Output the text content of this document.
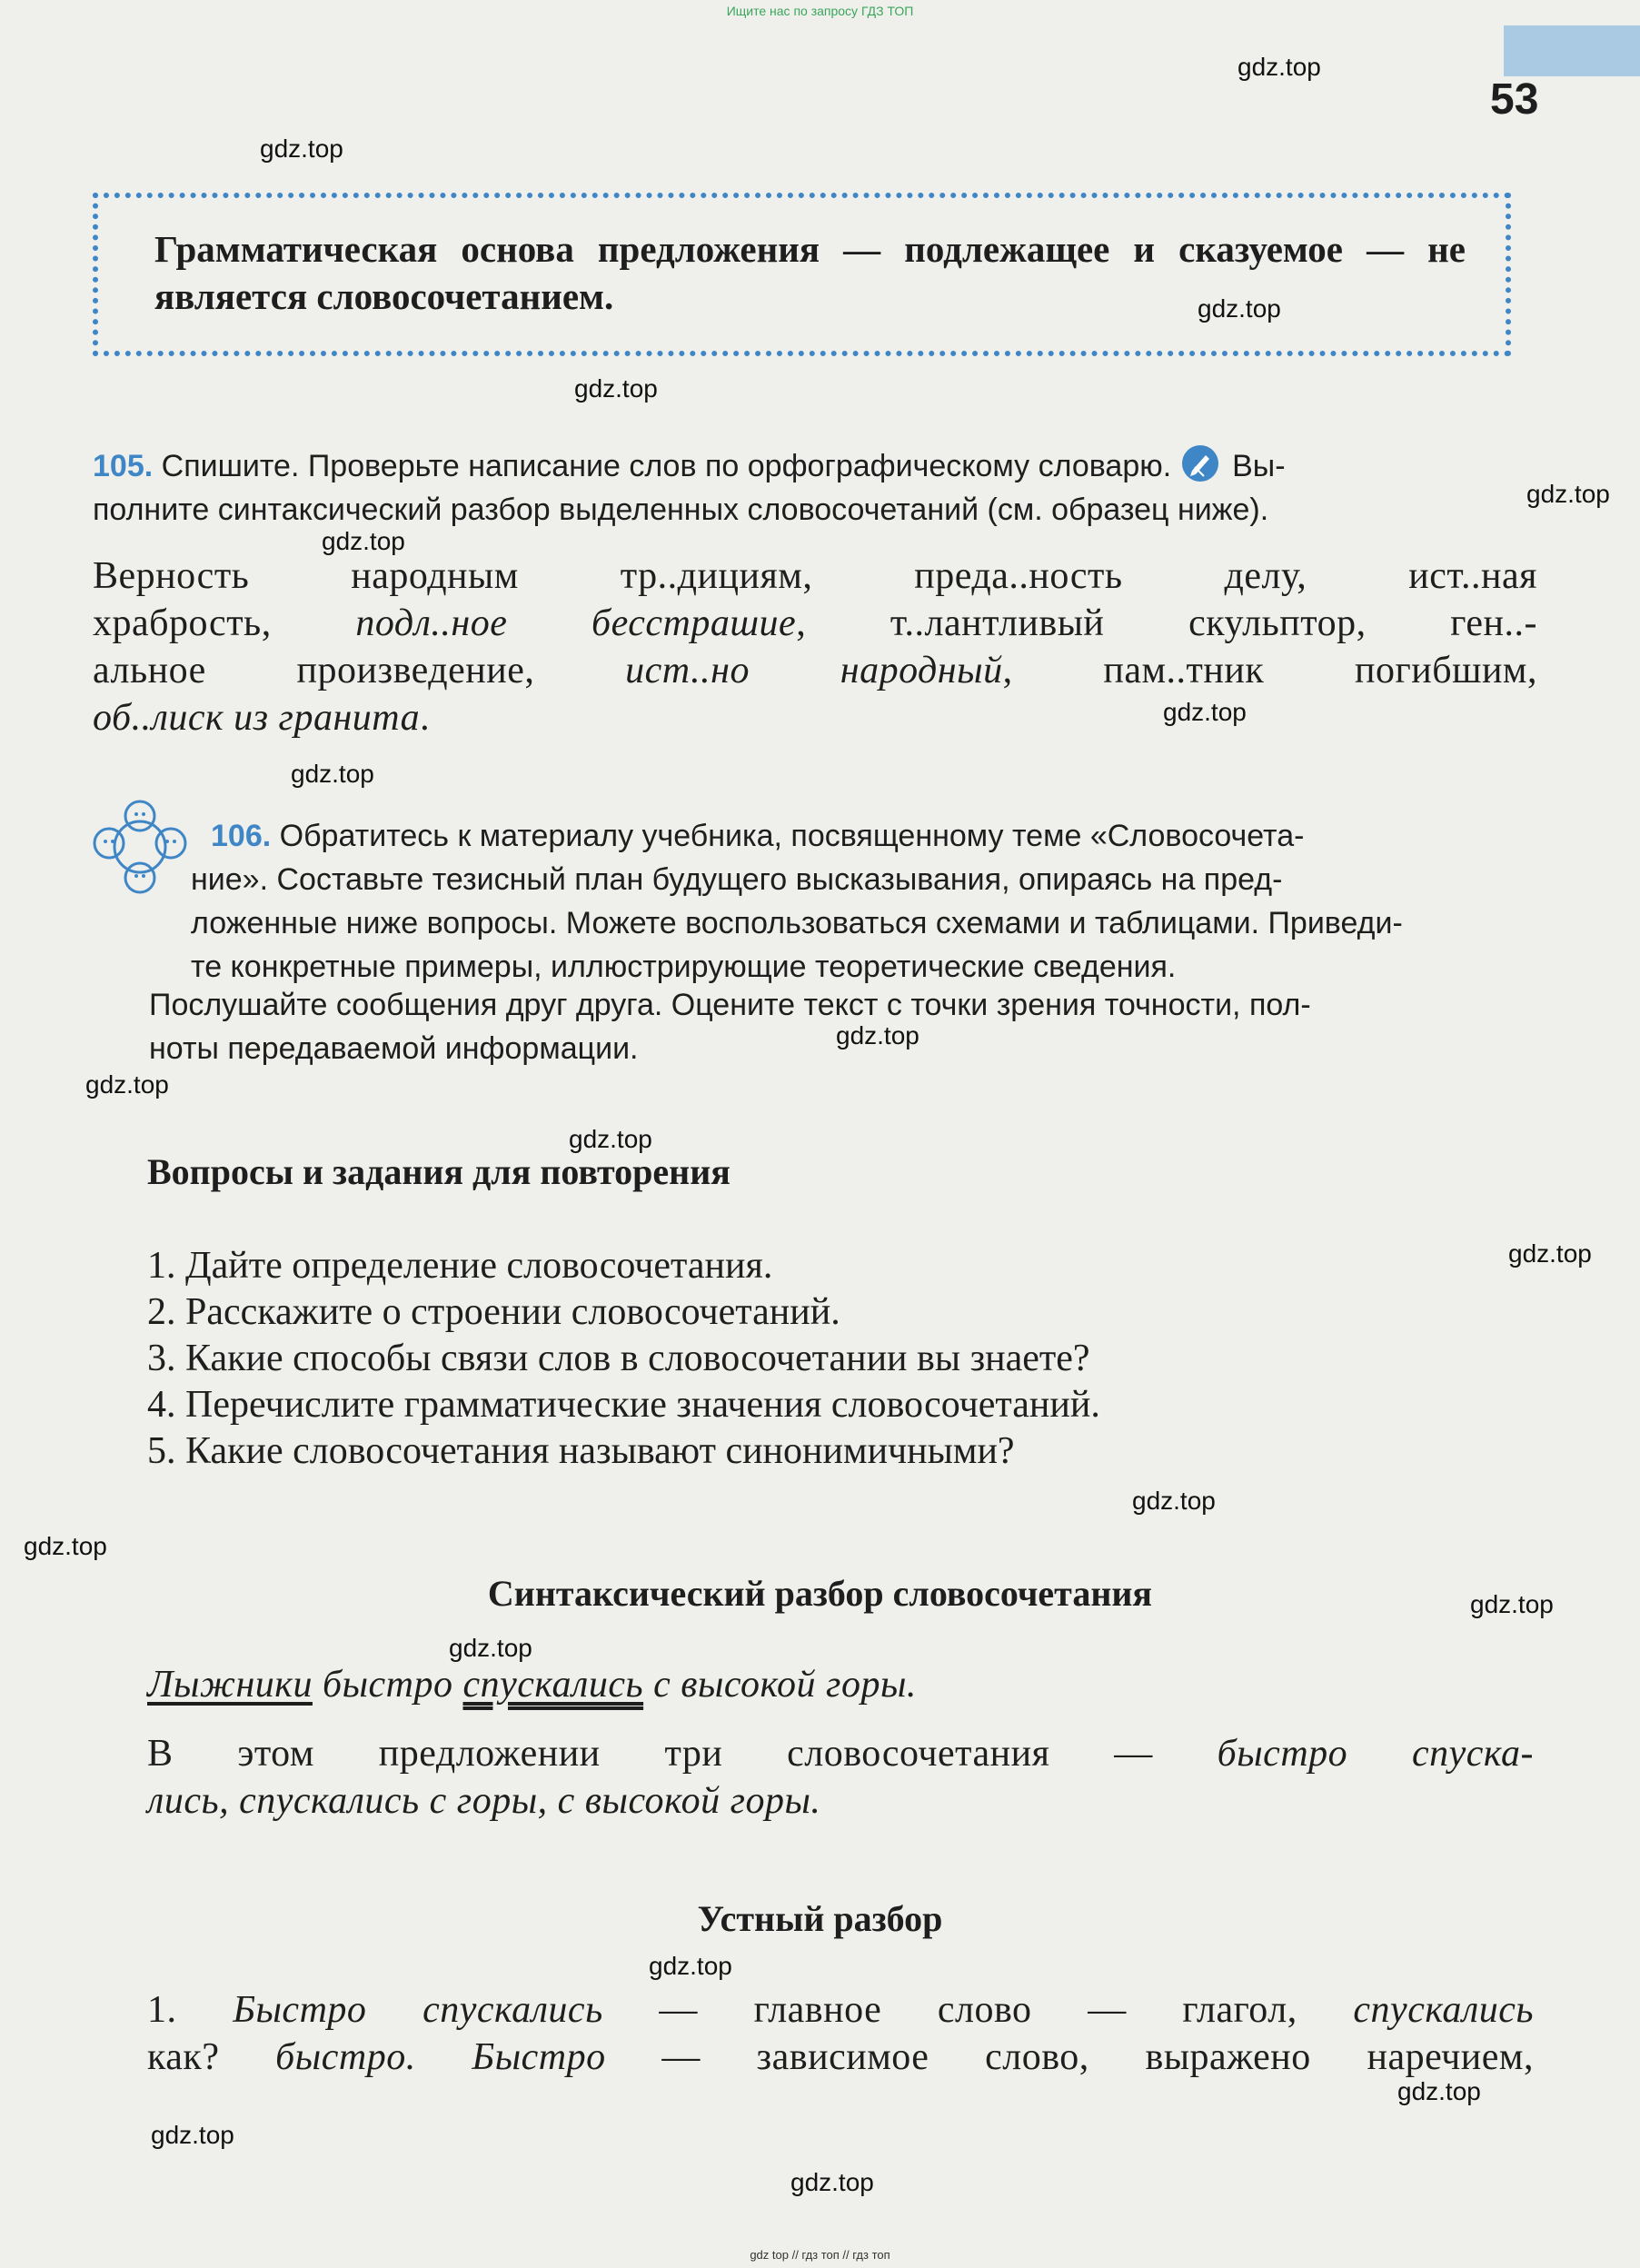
Ищите нас по запросу ГДЗ ТОП
53
gdz.top
gdz.top
gdz.top
gdz.top
gdz.top
gdz.top
gdz.top
gdz.top
gdz.top
gdz.top
gdz.top
gdz.top
gdz.top
gdz.top
gdz.top
gdz.top
gdz.top
gdz.top
gdz.top
gdz.top
Грамматическая основа предложения — подлежащее и сказуемое — не является словосочетанием.
105. Спишите. Проверьте написание слов по орфографическому словарю. Вы-
полните синтаксический разбор выделенных словосочетаний (см. образец ниже).
Верность народным тр..дициям, преда..ность делу, ист..ная
храбрость, подл..ное бесстрашие, т..лантливый скульптор, ген..-
альное произведение, ист..но народный, пам..тник погибшим,
об..лиск из гранита.
106. Обратитесь к материалу учебника, посвященному теме «Словосочета-
ние». Составьте тезисный план будущего высказывания, опираясь на пред-
ложенные ниже вопросы. Можете воспользоваться схемами и таблицами. Приведи-
те конкретные примеры, иллюстрирующие теоретические сведения.
Послушайте сообщения друг друга. Оцените текст с точки зрения точности, пол-
ноты передаваемой информации.
Вопросы и задания для повторения
1. Дайте определение словосочетания.
2. Расскажите о строении словосочетаний.
3. Какие способы связи слов в словосочетании вы знаете?
4. Перечислите грамматические значения словосочетаний.
5. Какие словосочетания называют синонимичными?
Синтаксический разбор словосочетания
Лыжники быстро спускались с высокой горы.
В этом предложении три словосочетания — быстро спуска-
лись, спускались с горы, с высокой горы.
Устный разбор
1. Быстро спускались — главное слово — глагол, спускались
как? быстро. Быстро — зависимое слово, выражено наречием,
gdz top // гдз топ // гдз топ
